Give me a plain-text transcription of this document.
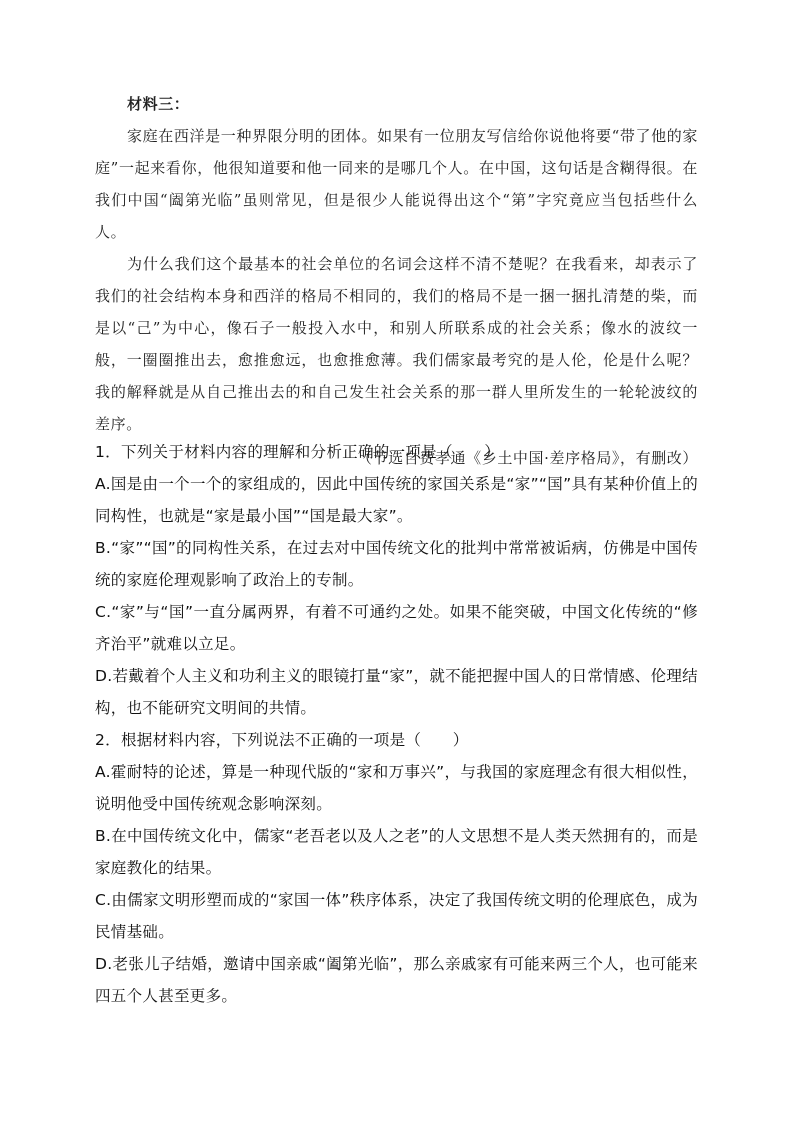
材料三：

家庭在西洋是一种界限分明的团体。如果有一位朋友写信给你说他将要“带了他的家庭”一起来看你，他很知道要和他一同来的是哪几个人。在中国，这句话是含糊得很。在我们中国“阖第光临”虽则常见，但是很少人能说得出这个“第”字究竟应当包括些什么人。

为什么我们这个最基本的社会单位的名词会这样不清不楚呢？在我看来，却表示了我们的社会结构本身和西洋的格局不相同的，我们的格局不是一捆一捆扎清楚的柴，而是以“己”为中心，像石子一般投入水中，和别人所联系成的社会关系；像水的波纹一般，一圈圈推出去，愈推愈远，也愈推愈薄。我们儒家最考究的是人伦，伦是什么呢？我的解释就是从自己推出去的和自己发生社会关系的那一群人里所发生的一轮轮波纹的差序。

（节选自费孝通《乡土中国·差序格局》，有删改）

1．下列关于材料内容的理解和分析正确的一项是（　　）

A.国是由一个一个的家组成的，因此中国传统的家国关系是“家”“国”具有某种价值上的同构性，也就是“家是最小国”“国是最大家”。

B.“家”“国”的同构性关系，在过去对中国传统文化的批判中常常被诟病，仿佛是中国传统的家庭伦理观影响了政治上的专制。

C.“家”与“国”一直分属两界，有着不可通约之处。如果不能突破，中国文化传统的“修齐治平”就难以立足。

D.若戴着个人主义和功利主义的眼镜打量“家”，就不能把握中国人的日常情感、伦理结构，也不能研究文明间的共情。

2．根据材料内容，下列说法不正确的一项是（　　）

A.霍耐特的论述，算是一种现代版的“家和万事兴”，与我国的家庭理念有很大相似性，说明他受中国传统观念影响深刻。

B.在中国传统文化中，儒家“老吾老以及人之老”的人文思想不是人类天然拥有的，而是家庭教化的结果。

C.由儒家文明形塑而成的“家国一体”秩序体系，决定了我国传统文明的伦理底色，成为民情基础。

D.老张儿子结婚，邀请中国亲戚“阖第光临”，那么亲戚家有可能来两三个人，也可能来四五个人甚至更多。
